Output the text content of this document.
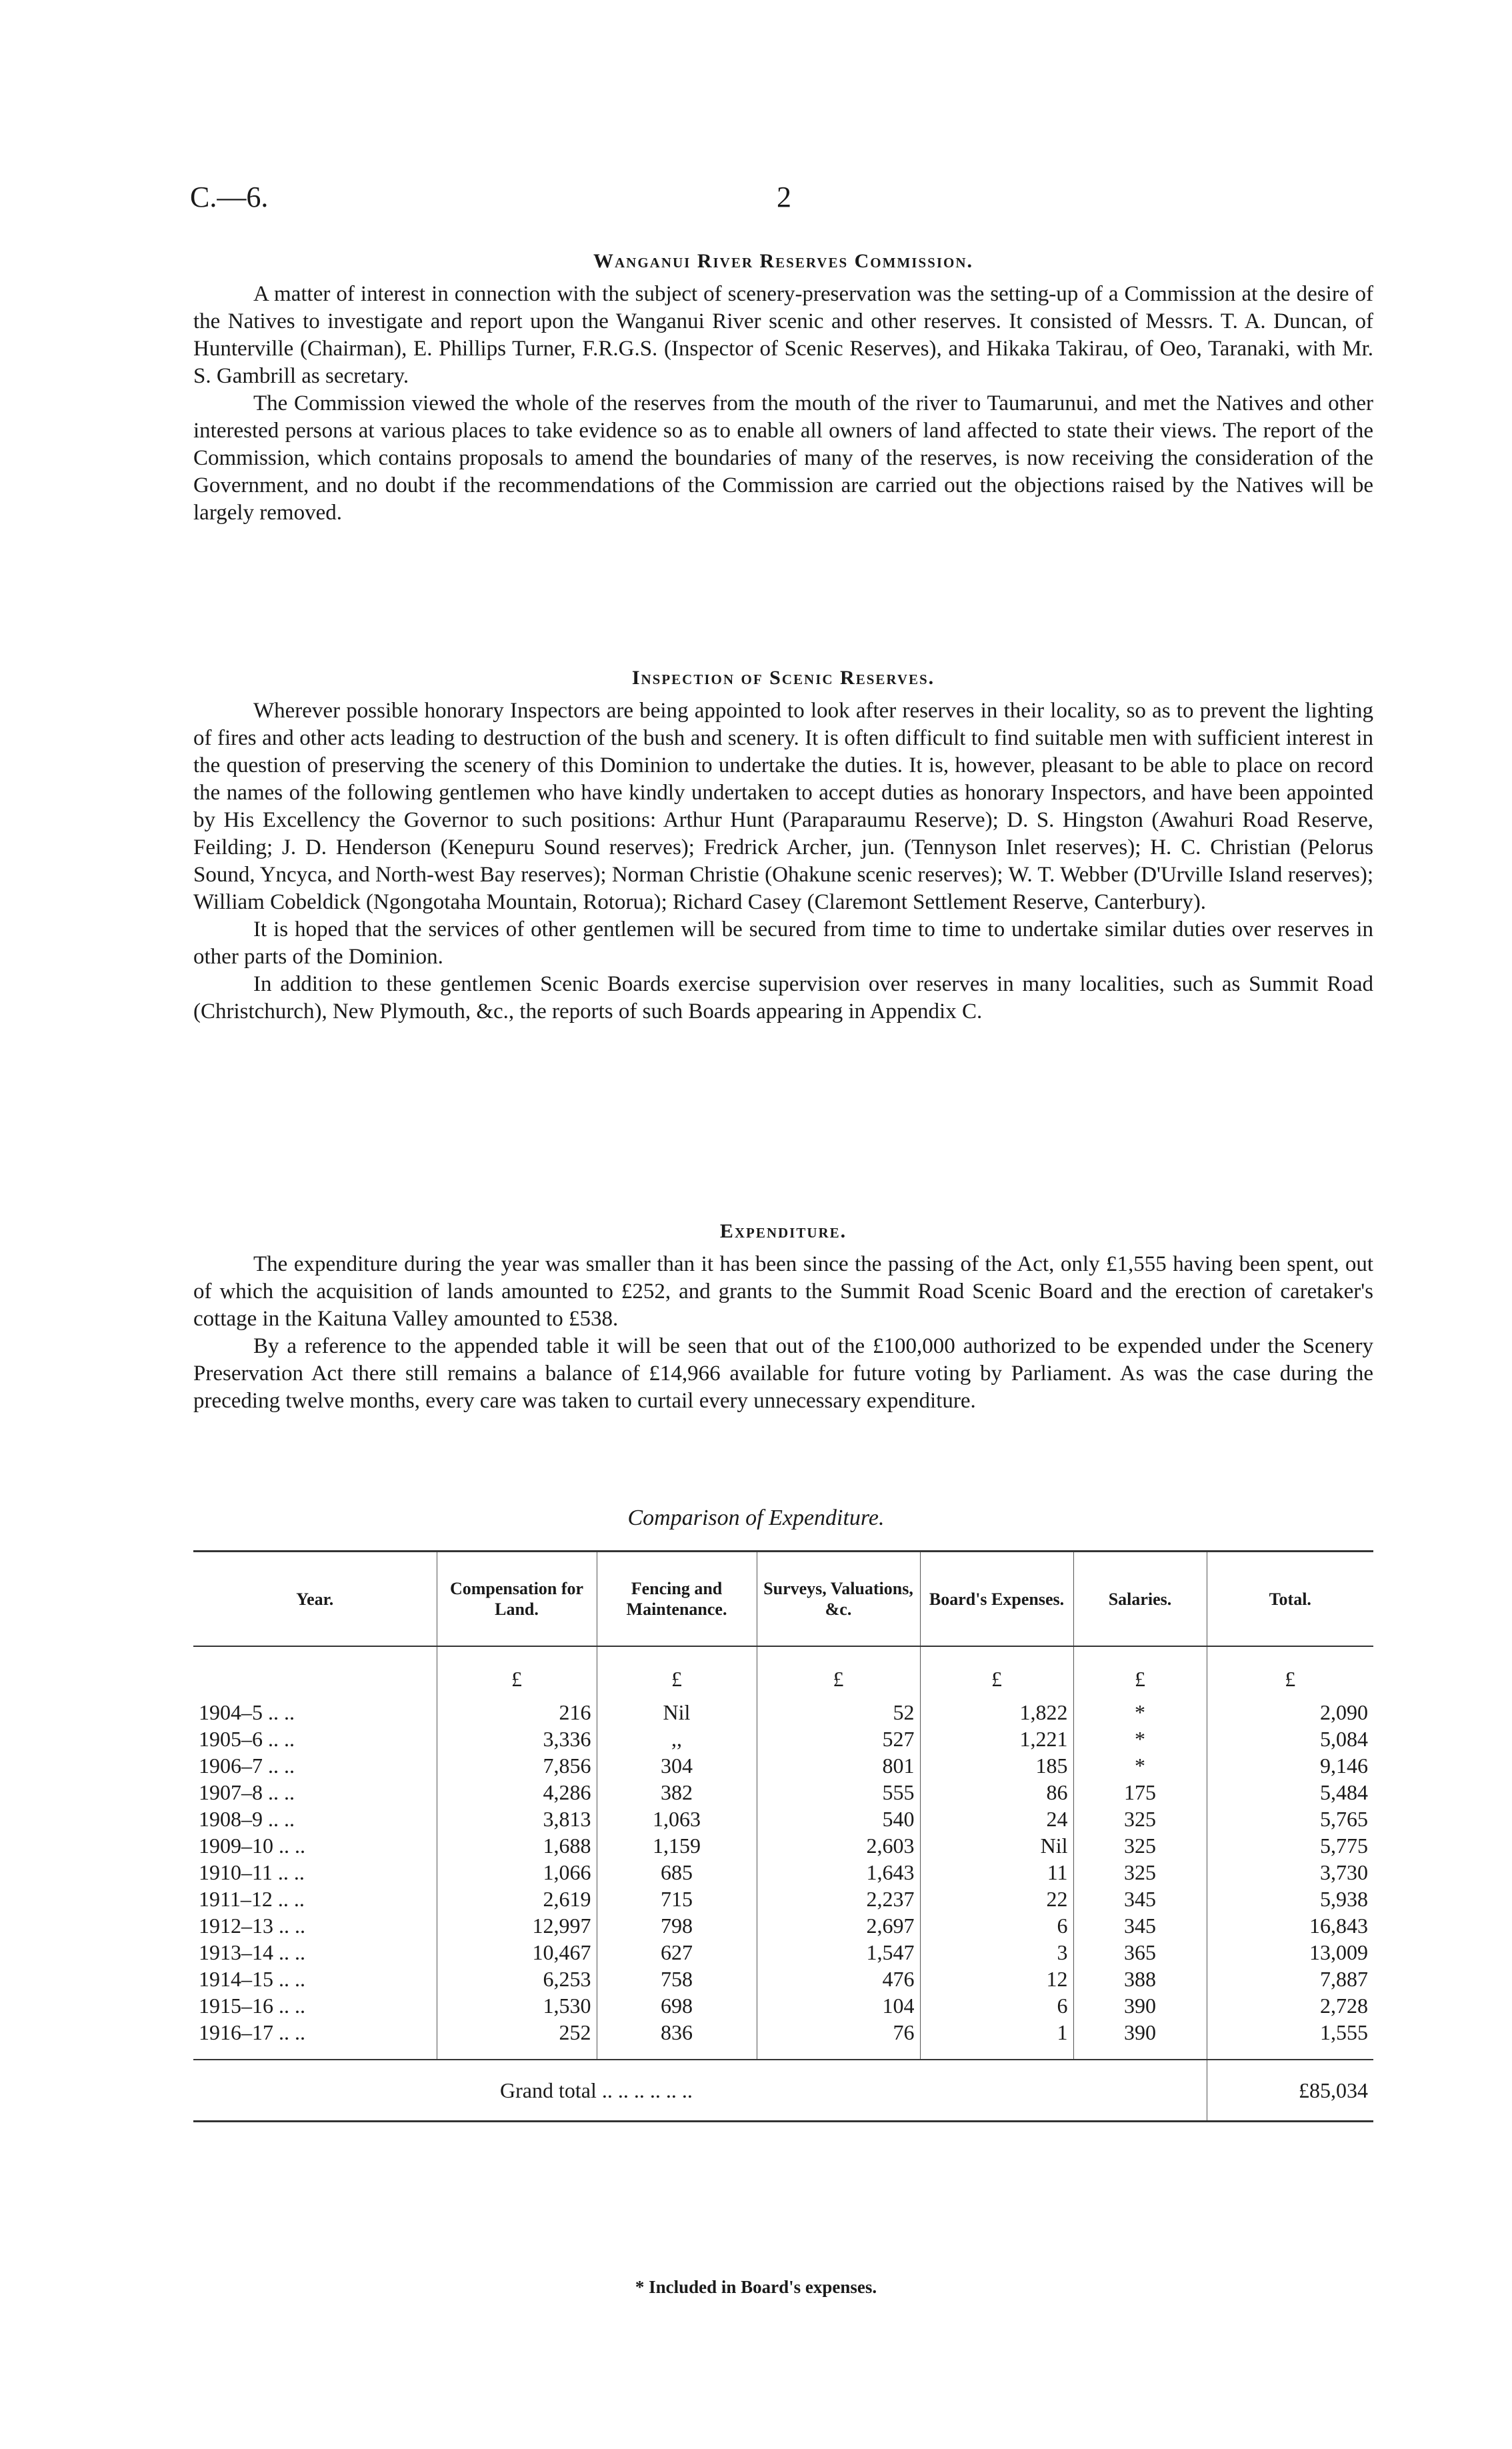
C.—6.	2
Wanganui River Reserves Commission.

A matter of interest in connection with the subject of scenery-preservation was the setting-up of a Commission at the desire of the Natives to investigate and report upon the Wanganui River scenic and other reserves. It consisted of Messrs. T. A. Duncan, of Hunterville (Chairman), E. Phillips Turner, F.R.G.S. (Inspector of Scenic Reserves), and Hikaka Takirau, of Oeo, Taranaki, with Mr. S. Gambrill as secretary.

The Commission viewed the whole of the reserves from the mouth of the river to Taumarunui, and met the Natives and other interested persons at various places to take evidence so as to enable all owners of land affected to state their views. The report of the Commission, which contains proposals to amend the boundaries of many of the reserves, is now receiving the consideration of the Government, and no doubt if the recommendations of the Commission are carried out the objections raised by the Natives will be largely removed.

Inspection of Scenic Reserves.

Wherever possible honorary Inspectors are being appointed to look after reserves in their locality, so as to prevent the lighting of fires and other acts leading to destruction of the bush and scenery. It is often difficult to find suitable men with sufficient interest in the question of preserving the scenery of this Dominion to undertake the duties. It is, however, pleasant to be able to place on record the names of the following gentlemen who have kindly undertaken to accept duties as honorary Inspectors, and have been appointed by His Excellency the Governor to such positions: Arthur Hunt (Paraparaumu Reserve); D. S. Hingston (Awahuri Road Reserve, Feilding; J. D. Henderson (Kenepuru Sound reserves); Fredrick Archer, jun. (Tennyson Inlet reserves); H. C. Christian (Pelorus Sound, Yncyca, and North-west Bay reserves); Norman Christie (Ohakune scenic reserves); W. T. Webber (D'Urville Island reserves); William Cobeldick (Ngongotaha Mountain, Rotorua); Richard Casey (Claremont Settlement Reserve, Canterbury).

It is hoped that the services of other gentlemen will be secured from time to time to undertake similar duties over reserves in other parts of the Dominion.

In addition to these gentlemen Scenic Boards exercise supervision over reserves in many localities, such as Summit Road (Christchurch), New Plymouth, &c., the reports of such Boards appearing in Appendix C.

Expenditure.

The expenditure during the year was smaller than it has been since the passing of the Act, only £1,555 having been spent, out of which the acquisition of lands amounted to £252, and grants to the Summit Road Scenic Board and the erection of caretaker's cottage in the Kaituna Valley amounted to £538.

By a reference to the appended table it will be seen that out of the £100,000 authorized to be expended under the Scenery Preservation Act there still remains a balance of £14,966 available for future voting by Parliament. As was the case during the preceding twelve months, every care was taken to curtail every unnecessary expenditure.

Comparison of Expenditure.
Year.	Compensation for Land.	Fencing and Maintenance.	Surveys, Valuations, &c.	Board's Expenses.	Salaries.	Total.
	£	£	£	£	£	£
1904–5 .. ..	216	Nil	52	1,822	*	2,090
1905–6 .. ..	3,336	,,	527	1,221	*	5,084
1906–7 .. ..	7,856	304	801	185	*	9,146
1907–8 .. ..	4,286	382	555	86	175	5,484
1908–9 .. ..	3,813	1,063	540	24	325	5,765
1909–10 .. ..	1,688	1,159	2,603	Nil	325	5,775
1910–11 .. ..	1,066	685	1,643	11	325	3,730
1911–12 .. ..	2,619	715	2,237	22	345	5,938
1912–13 .. ..	12,997	798	2,697	6	345	16,843
1913–14 .. ..	10,467	627	1,547	3	365	13,009
1914–15 .. ..	6,253	758	476	12	388	7,887
1915–16 .. ..	1,530	698	104	6	390	2,728
1916–17 .. ..	252	836	76	1	390	1,555
Grand total .. .. .. .. .. ..						£85,034
* Included in Board's expenses.
